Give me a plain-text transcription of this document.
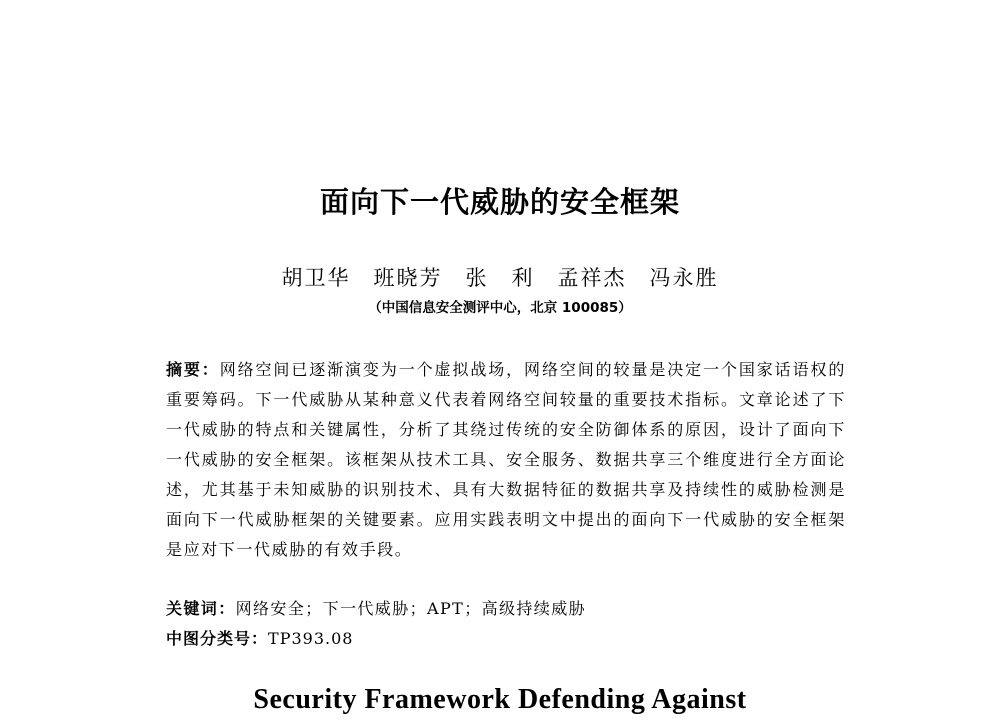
面向下一代威胁的安全框架
胡卫华　班晓芳　张　利　孟祥杰　冯永胜
（中国信息安全测评中心，北京 100085）
摘要：网络空间已逐渐演变为一个虚拟战场，网络空间的较量是决定一个国家话语权的重要筹码。下一代威胁从某种意义代表着网络空间较量的重要技术指标。文章论述了下一代威胁的特点和关键属性，分析了其绕过传统的安全防御体系的原因，设计了面向下一代威胁的安全框架。该框架从技术工具、安全服务、数据共享三个维度进行全方面论述，尤其基于未知威胁的识别技术、具有大数据特征的数据共享及持续性的威胁检测是面向下一代威胁框架的关键要素。应用实践表明文中提出的面向下一代威胁的安全框架是应对下一代威胁的有效手段。
关键词：网络安全；下一代威胁；APT；高级持续威胁
中图分类号：TP393.08
Security Framework Defending Against
